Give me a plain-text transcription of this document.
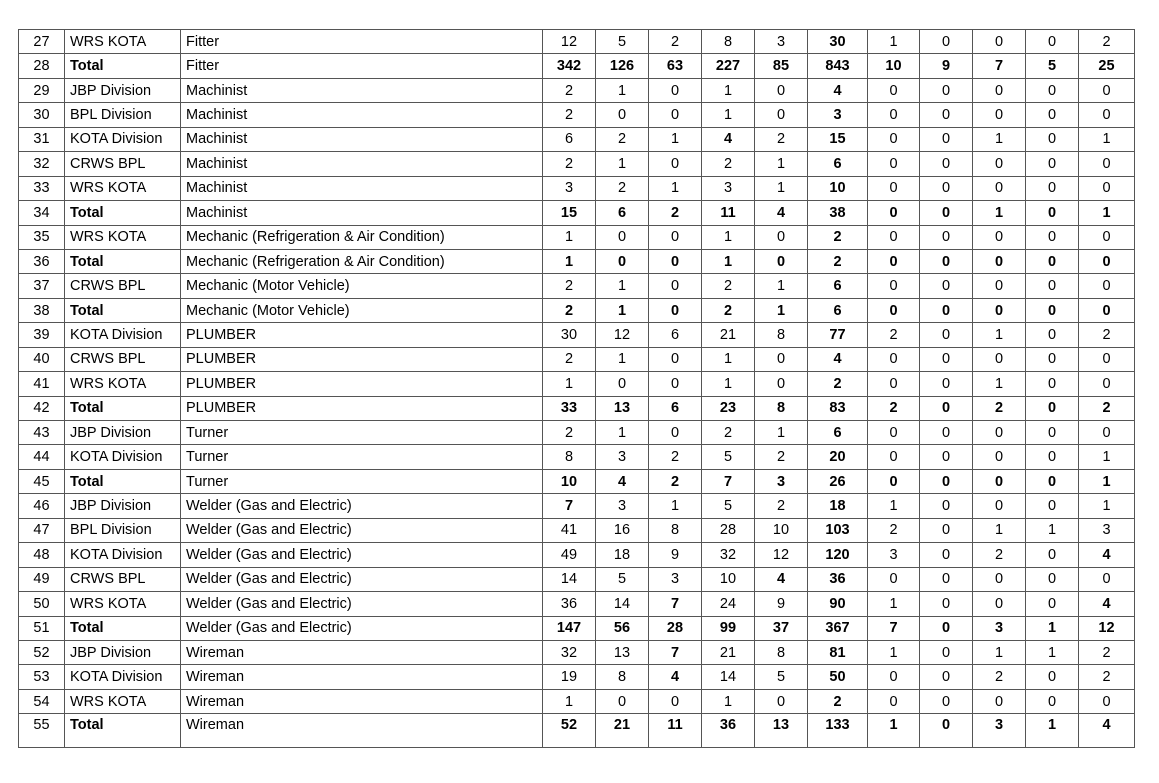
27	WRS KOTA	Fitter	12	5	2	8	3	30	1	0	0	0	2
28	Total	Fitter	342	126	63	227	85	843	10	9	7	5	25
29	JBP Division	Machinist	2	1	0	1	0	4	0	0	0	0	0
30	BPL Division	Machinist	2	0	0	1	0	3	0	0	0	0	0
31	KOTA Division	Machinist	6	2	1	4	2	15	0	0	1	0	1
32	CRWS BPL	Machinist	2	1	0	2	1	6	0	0	0	0	0
33	WRS KOTA	Machinist	3	2	1	3	1	10	0	0	0	0	0
34	Total	Machinist	15	6	2	11	4	38	0	0	1	0	1
35	WRS KOTA	Mechanic (Refrigeration & Air Condition)	1	0	0	1	0	2	0	0	0	0	0
36	Total	Mechanic (Refrigeration & Air Condition)	1	0	0	1	0	2	0	0	0	0	0
37	CRWS BPL	Mechanic (Motor Vehicle)	2	1	0	2	1	6	0	0	0	0	0
38	Total	Mechanic (Motor Vehicle)	2	1	0	2	1	6	0	0	0	0	0
39	KOTA Division	PLUMBER	30	12	6	21	8	77	2	0	1	0	2
40	CRWS BPL	PLUMBER	2	1	0	1	0	4	0	0	0	0	0
41	WRS KOTA	PLUMBER	1	0	0	1	0	2	0	0	1	0	0
42	Total	PLUMBER	33	13	6	23	8	83	2	0	2	0	2
43	JBP Division	Turner	2	1	0	2	1	6	0	0	0	0	0
44	KOTA Division	Turner	8	3	2	5	2	20	0	0	0	0	1
45	Total	Turner	10	4	2	7	3	26	0	0	0	0	1
46	JBP Division	Welder (Gas and Electric)	7	3	1	5	2	18	1	0	0	0	1
47	BPL Division	Welder (Gas and Electric)	41	16	8	28	10	103	2	0	1	1	3
48	KOTA Division	Welder (Gas and Electric)	49	18	9	32	12	120	3	0	2	0	4
49	CRWS BPL	Welder (Gas and Electric)	14	5	3	10	4	36	0	0	0	0	0
50	WRS KOTA	Welder (Gas and Electric)	36	14	7	24	9	90	1	0	0	0	4
51	Total	Welder (Gas and Electric)	147	56	28	99	37	367	7	0	3	1	12
52	JBP Division	Wireman	32	13	7	21	8	81	1	0	1	1	2
53	KOTA Division	Wireman	19	8	4	14	5	50	0	0	2	0	2
54	WRS KOTA	Wireman	1	0	0	1	0	2	0	0	0	0	0
55	Total	Wireman	52	21	11	36	13	133	1	0	3	1	4
